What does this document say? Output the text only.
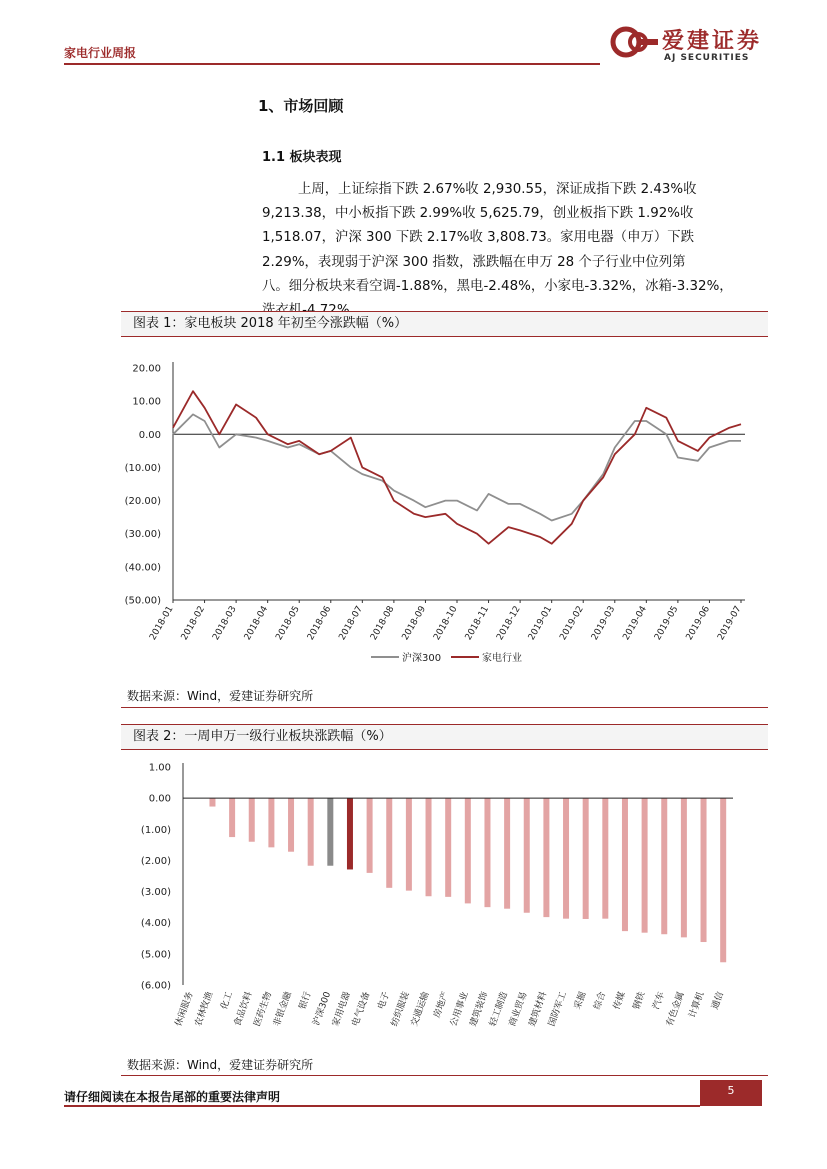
家电行业周报	爱建证券
AJ SECURITIES
1、市场回顾
1.1 板块表现
上周，上证综指下跌 2.67%收 2,930.55，深证成指下跌 2.43%收
9,213.38，中小板指下跌 2.99%收 5,625.79，创业板指下跌 1.92%收
1,518.07，沪深 300 下跌 2.17%收 3,808.73。家用电器（申万）下跌
2.29%，表现弱于沪深 300 指数，涨跌幅在申万 28 个子行业中位列第
八。细分板块来看空调-1.88%，黑电-2.48%，小家电-3.32%，冰箱-3.32%，
图表 1：家电板块 2018 年初至今涨跌幅（%）
20.00
10.00
0.00
(10.00)
(20.00)
(30.00)
(40.00)
(50.00)
2018-01 2018-02 2018-03 2018-04 2018-05 2018-06 2018-07 2018-08 2018-09 2018-10 2018-11 2018-12 2019-01 2019-02 2019-03 2019-04 2019-05 2019-06 2019-07
沪深300	家电行业
数据来源：Wind，爱建证券研究所
图表 2：一周申万一级行业板块涨跌幅（%）
1.00
0.00
(1.00)
(2.00)
(3.00)
(4.00)
(5.00)
(6.00)
休闲服务
农林牧渔 化工
食品饮料
医药生物
非银金融 银行
沪深300
家用电器
电气设备 电子
纺织服装
交通运输 房地产
公用事业
建筑装饰
轻工制造
商业贸易
建筑材料
国防军工 采掘 综合 传媒 钢铁 汽车
有色金属 计算机 通信
数据来源：Wind，爱建证券研究所
请仔细阅读在本报告尾部的重要法律声明	5
